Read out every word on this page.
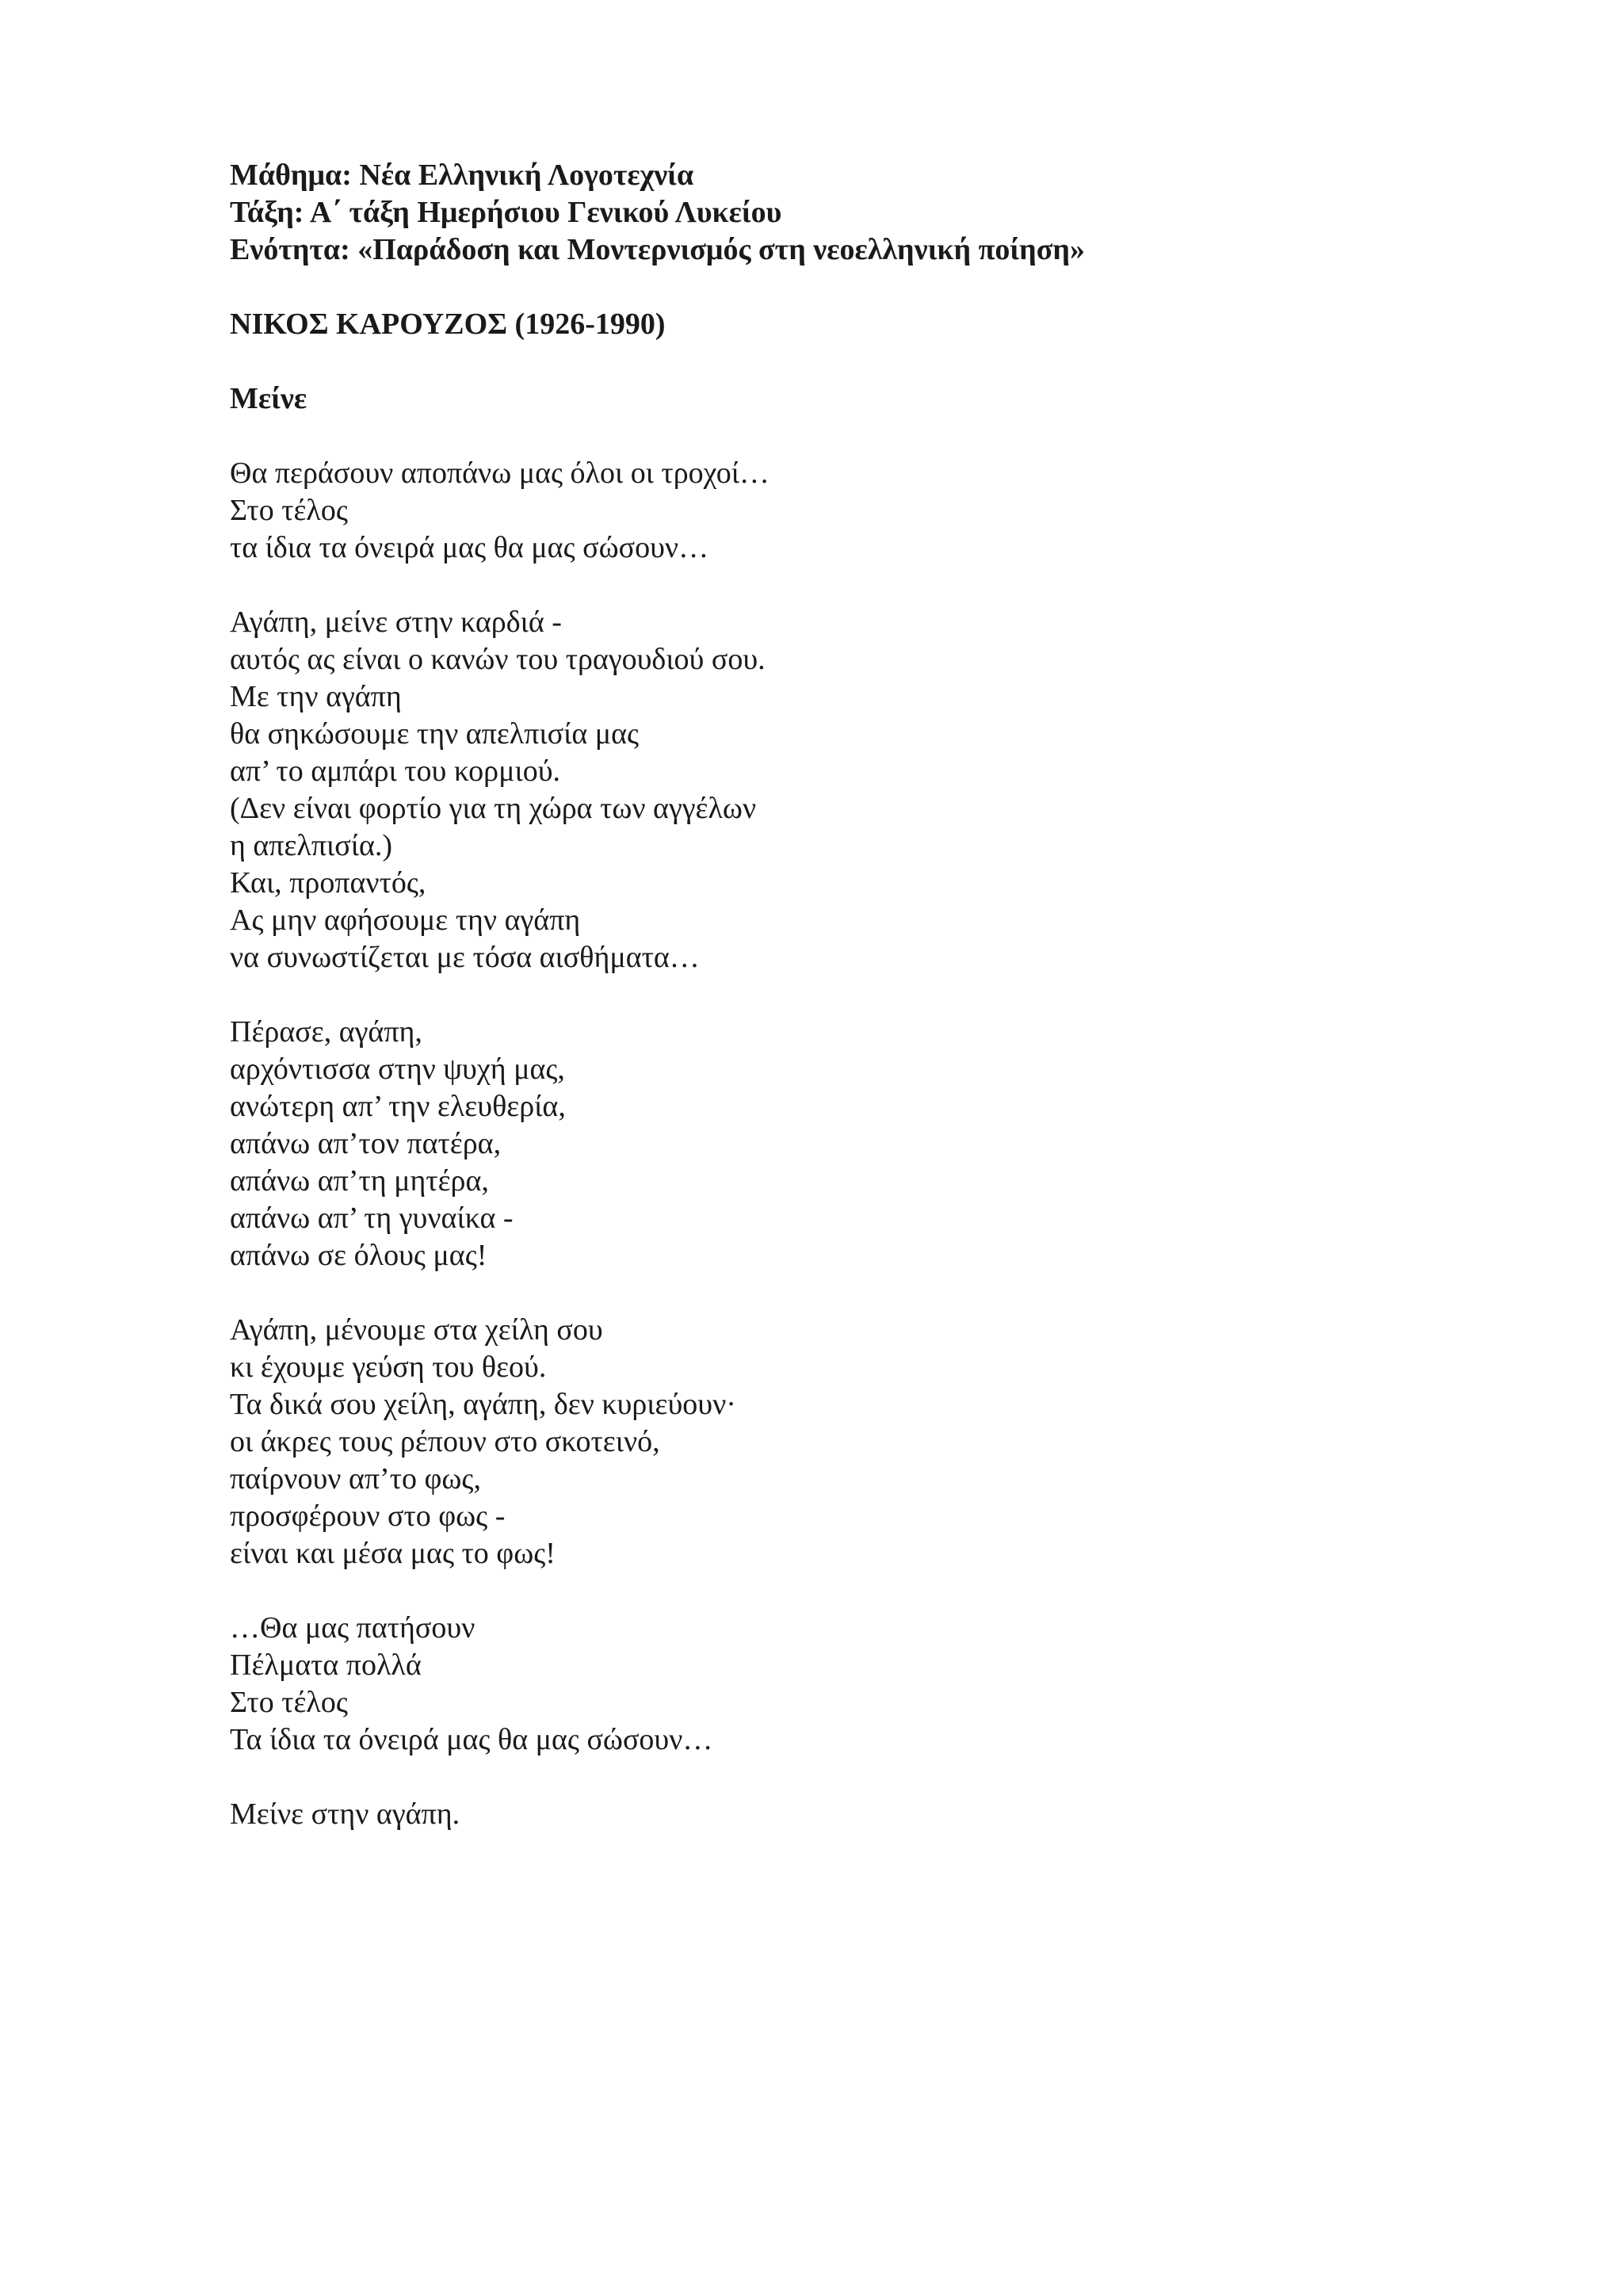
Μάθημα: Νέα Ελληνική Λογοτεχνία
Τάξη: Α΄ τάξη Ημερήσιου Γενικού Λυκείου
Ενότητα: «Παράδοση και Μοντερνισμός στη νεοελληνική ποίηση»
ΝΙΚΟΣ ΚΑΡΟΥΖΟΣ (1926-1990)
Μείνε
Θα περάσουν αποπάνω μας όλοι οι τροχοί…
Στο τέλος
τα ίδια τα όνειρά μας θα μας σώσουν…
Αγάπη, μείνε στην καρδιά -
αυτός ας είναι ο κανών του τραγουδιού σου.
Με την αγάπη
θα σηκώσουμε την απελπισία μας
απ’ το αμπάρι του κορμιού.
(Δεν είναι φορτίο για τη χώρα των αγγέλων
η απελπισία.)
Και, προπαντός,
Ας μην αφήσουμε την αγάπη
να συνωστίζεται με τόσα αισθήματα…
Πέρασε, αγάπη,
αρχόντισσα στην ψυχή μας,
ανώτερη απ’ την ελευθερία,
απάνω απ’τον πατέρα,
απάνω απ’τη μητέρα,
απάνω απ’ τη γυναίκα -
απάνω σε όλους μας!
Αγάπη, μένουμε στα χείλη σου
κι έχουμε γεύση του θεού.
Τα δικά σου χείλη, αγάπη, δεν κυριεύουν·
οι άκρες τους ρέπουν στο σκοτεινό,
παίρνουν απ’το φως,
προσφέρουν στο φως -
είναι και μέσα μας το φως!
…Θα μας πατήσουν
Πέλματα πολλά
Στο τέλος
Τα ίδια τα όνειρά μας θα μας σώσουν…
Μείνε στην αγάπη.
